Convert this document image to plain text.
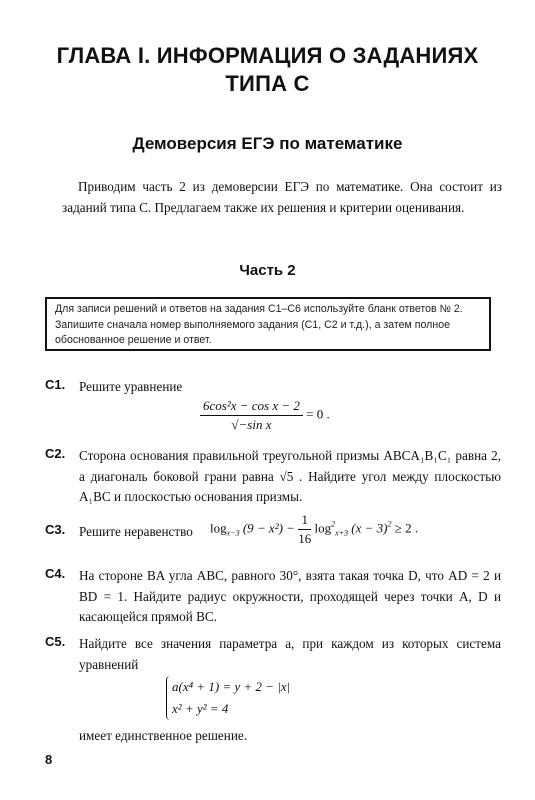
ГЛАВА I. ИНФОРМАЦИЯ О ЗАДАНИЯХ
ТИПА С
Демоверсия ЕГЭ по математике
Приводим часть 2 из демоверсии ЕГЭ по математике. Она состоит из заданий типа С. Предлагаем также их решения и критерии оценивания.
Часть 2
Для записи решений и ответов на задания С1–С6 используйте бланк ответов № 2. Запишите сначала номер выполняемого задания (С1, С2 и т.д.), а затем полное обоснованное решение и ответ.
С1. Решите уравнение
$\frac{\text{6cos²x − cos x − 2}}{\text{√−sin x}} = 0$ .
С2. Сторона основания правильной треугольной призмы ABCA₁B₁C₁ равна 2, а диагональ боковой грани равна √5 . Найдите угол между плоскостью A₁BC и плоскостью основания призмы.
С3. Решите неравенство	$\log_{x-3} (9 - x^2) - \frac{1}{16} \log^2_{x+3} (x - 3)^2 \ge 2$ .
С4. На стороне BA угла ABC, равного 30°, взята такая точка D, что AD = 2 и BD = 1. Найдите радиус окружности, проходящей через точки A, D и касающейся прямой BC.
С5. Найдите все значения параметра a, при каждом из которых система уравнений
a(x⁴ + 1) = y + 2 − |x|
x² + y² = 4
имеет единственное решение.
8
